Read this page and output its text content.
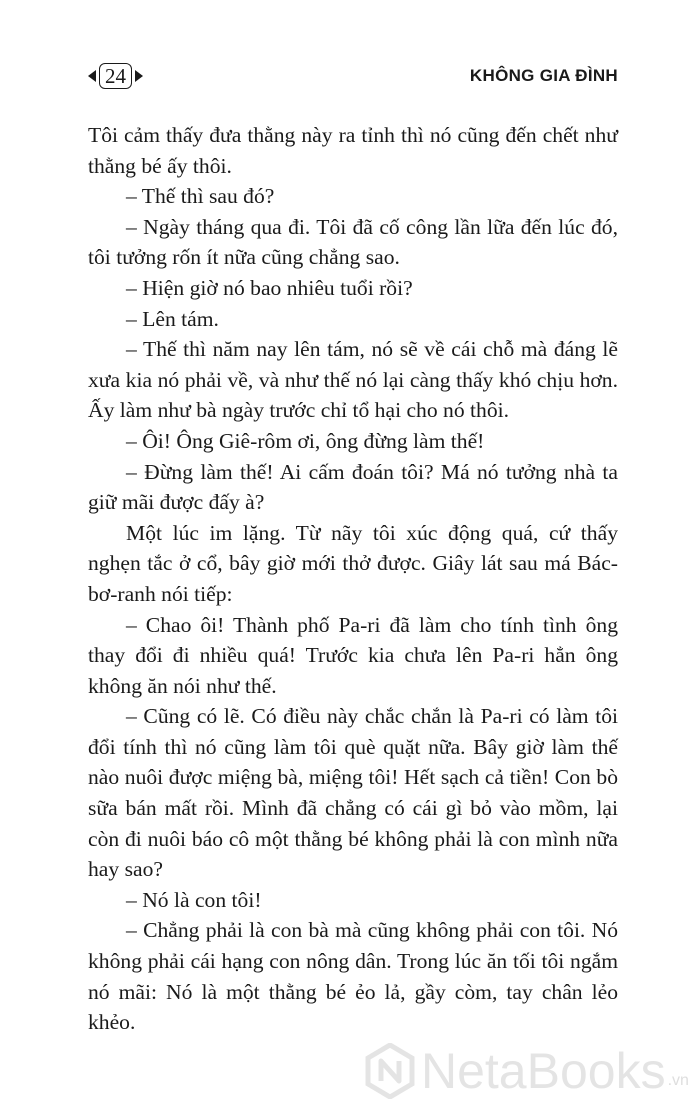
24	KHÔNG GIA ĐÌNH

Tôi cảm thấy đưa thằng này ra tỉnh thì nó cũng đến chết như thằng bé ấy thôi.

– Thế thì sau đó?

– Ngày tháng qua đi. Tôi đã cố công lần lữa đến lúc đó, tôi tưởng rốn ít nữa cũng chẳng sao.

– Hiện giờ nó bao nhiêu tuổi rồi?

– Lên tám.

– Thế thì năm nay lên tám, nó sẽ về cái chỗ mà đáng lẽ xưa kia nó phải về, và như thế nó lại càng thấy khó chịu hơn. Ấy làm như bà ngày trước chỉ tổ hại cho nó thôi.

– Ôi! Ông Giê-rôm ơi, ông đừng làm thế!

– Đừng làm thế! Ai cấm đoán tôi? Má nó tưởng nhà ta giữ mãi được đấy à?

Một lúc im lặng. Từ nãy tôi xúc động quá, cứ thấy nghẹn tắc ở cổ, bây giờ mới thở được. Giây lát sau má Bác-bơ-ranh nói tiếp:

– Chao ôi! Thành phố Pa-ri đã làm cho tính tình ông thay đổi đi nhiều quá! Trước kia chưa lên Pa-ri hẳn ông không ăn nói như thế.

– Cũng có lẽ. Có điều này chắc chắn là Pa-ri có làm tôi đổi tính thì nó cũng làm tôi què quặt nữa. Bây giờ làm thế nào nuôi được miệng bà, miệng tôi! Hết sạch cả tiền! Con bò sữa bán mất rồi. Mình đã chẳng có cái gì bỏ vào mồm, lại còn đi nuôi báo cô một thằng bé không phải là con mình nữa hay sao?

– Nó là con tôi!

– Chẳng phải là con bà mà cũng không phải con tôi. Nó không phải cái hạng con nông dân. Trong lúc ăn tối tôi ngắm nó mãi: Nó là một thằng bé ẻo lả, gầy còm, tay chân lẻo khẻo.

NetaBooks .vn
